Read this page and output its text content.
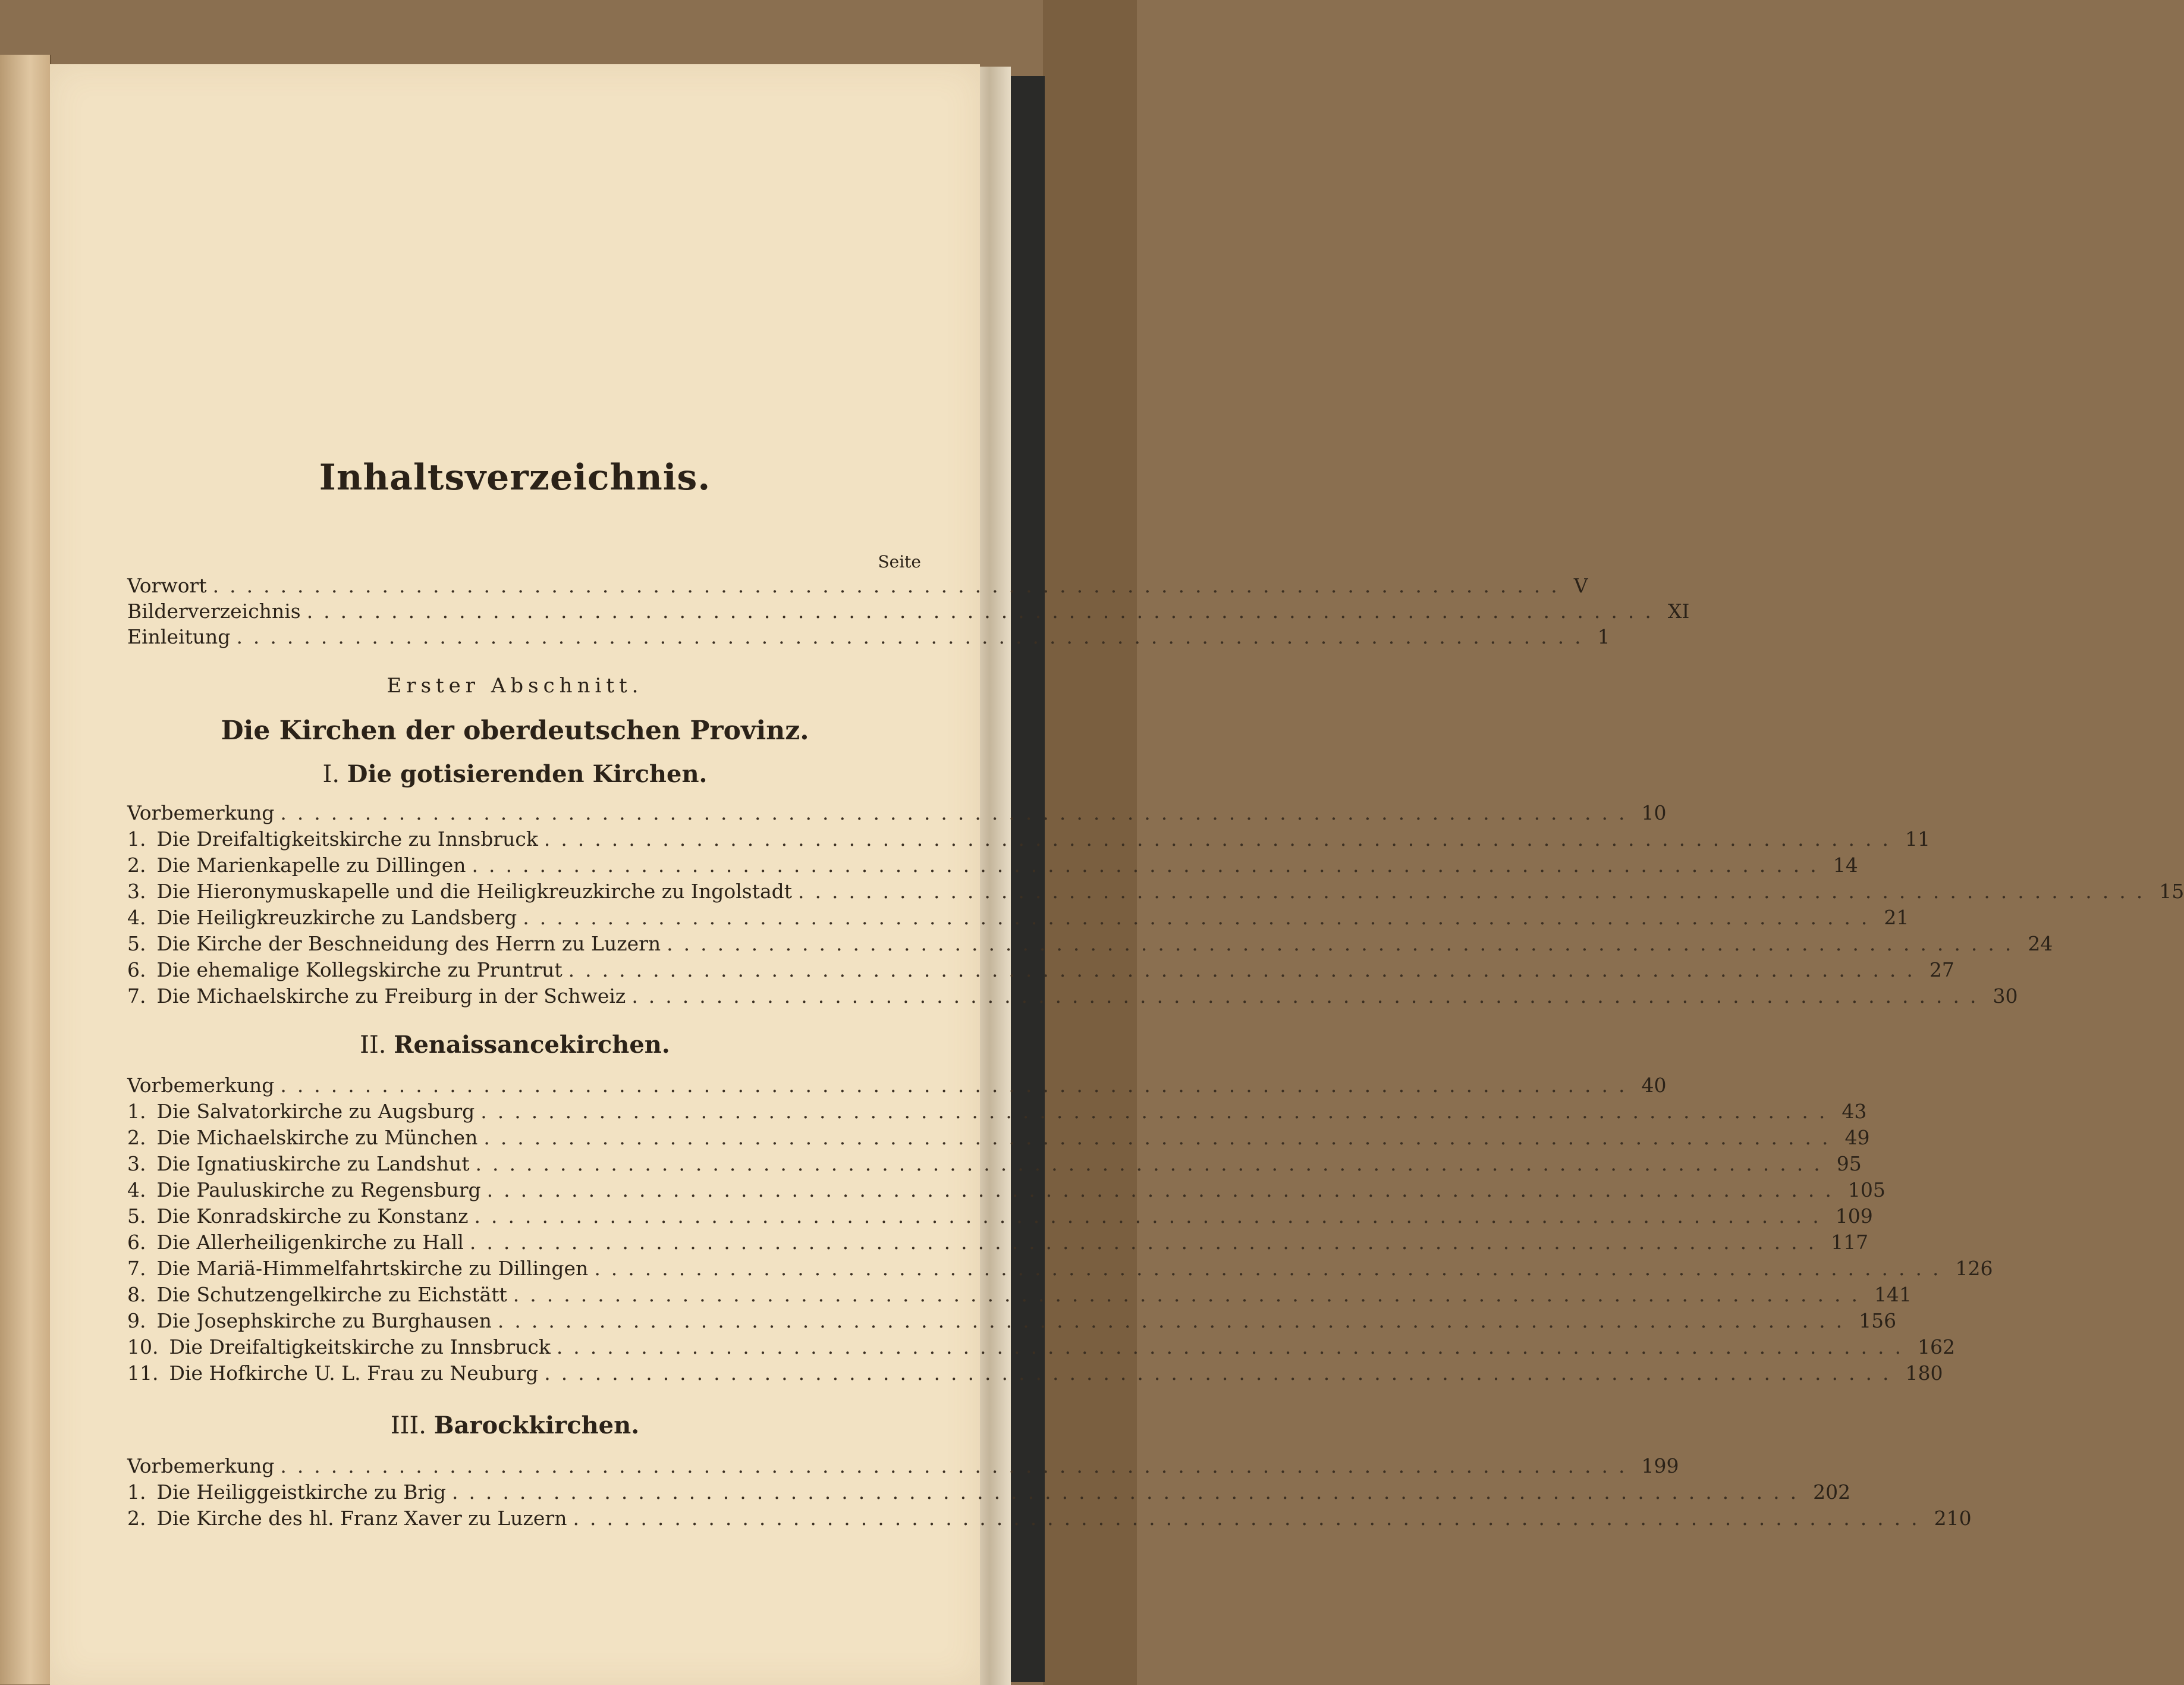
Inhaltsverzeichnis.
Seite
Vorwort ................................................................................ V
Bilderverzeichnis ................................................................................ XI
Einleitung ................................................................................ 1
Erster Abschnitt.
Die Kirchen der oberdeutschen Provinz.
I. Die gotisierenden Kirchen.
Vorbemerkung ................................................................................ 10
1. Die Dreifaltigkeitskirche zu Innsbruck ................................................................................ 11
2. Die Marienkapelle zu Dillingen ................................................................................ 14
3. Die Hieronymuskapelle und die Heiligkreuzkirche zu Ingolstadt ................................................................................ 15
4. Die Heiligkreuzkirche zu Landsberg ................................................................................ 21
5. Die Kirche der Beschneidung des Herrn zu Luzern ................................................................................ 24
6. Die ehemalige Kollegskirche zu Pruntrut ................................................................................ 27
7. Die Michaelskirche zu Freiburg in der Schweiz ................................................................................ 30
II. Renaissancekirchen.
Vorbemerkung ................................................................................ 40
1. Die Salvatorkirche zu Augsburg ................................................................................ 43
2. Die Michaelskirche zu München ................................................................................ 49
3. Die Ignatiuskirche zu Landshut ................................................................................ 95
4. Die Pauluskirche zu Regensburg ................................................................................ 105
5. Die Konradskirche zu Konstanz ................................................................................ 109
6. Die Allerheiligenkirche zu Hall ................................................................................ 117
7. Die Mariä-Himmelfahrtskirche zu Dillingen ................................................................................ 126
8. Die Schutzengelkirche zu Eichstätt ................................................................................ 141
9. Die Josephskirche zu Burghausen ................................................................................ 156
10. Die Dreifaltigkeitskirche zu Innsbruck ................................................................................ 162
11. Die Hofkirche U. L. Frau zu Neuburg ................................................................................ 180
III. Barockkirchen.
Vorbemerkung ................................................................................ 199
1. Die Heiliggeistkirche zu Brig ................................................................................ 202
2. Die Kirche des hl. Franz Xaver zu Luzern ................................................................................ 210
